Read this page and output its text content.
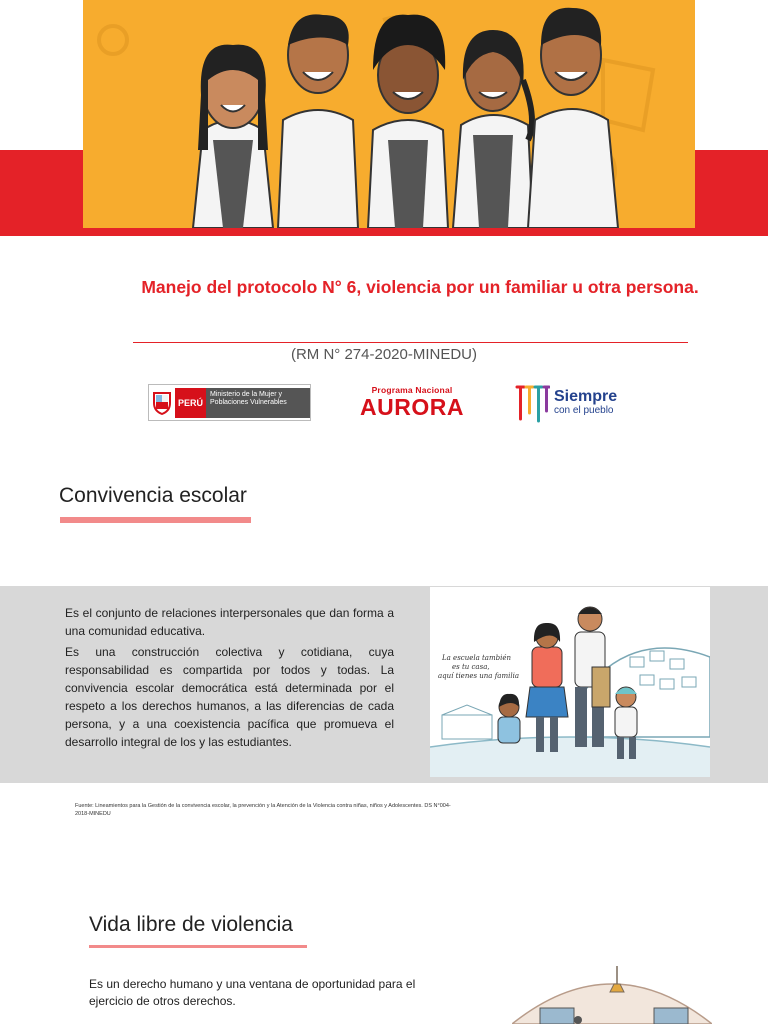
Manejo del protocolo N° 6, violencia por un familiar u otra persona.
(RM N° 274-2020-MINEDU)
PERÚ
Ministerio de la Mujer y Poblaciones Vulnerables
Programa Nacional
AURORA	Siempre
con el pueblo
Convivencia escolar

Es el conjunto de relaciones interpersonales que dan forma a una comunidad educativa.

Es una construcción colectiva y cotidiana, cuya responsabilidad es compartida por todos y todas. La convivencia escolar democrática está determinada por el respeto a los derechos humanos, a las diferencias de cada persona, y a una coexistencia pacífica que promueva el desarrollo integral de los y las estudiantes.

La escuela también
es tu casa,
aquí tienes una familia
Fuente: Lineamientos para la Gestión de la convivencia escolar, la prevención y la Atención de la Violencia contra niñas, niños y Adolescentes. DS N°004-2018-MINEDU
Vida libre de violencia
Es un derecho humano y una ventana de oportunidad para el ejercicio de otros derechos.
